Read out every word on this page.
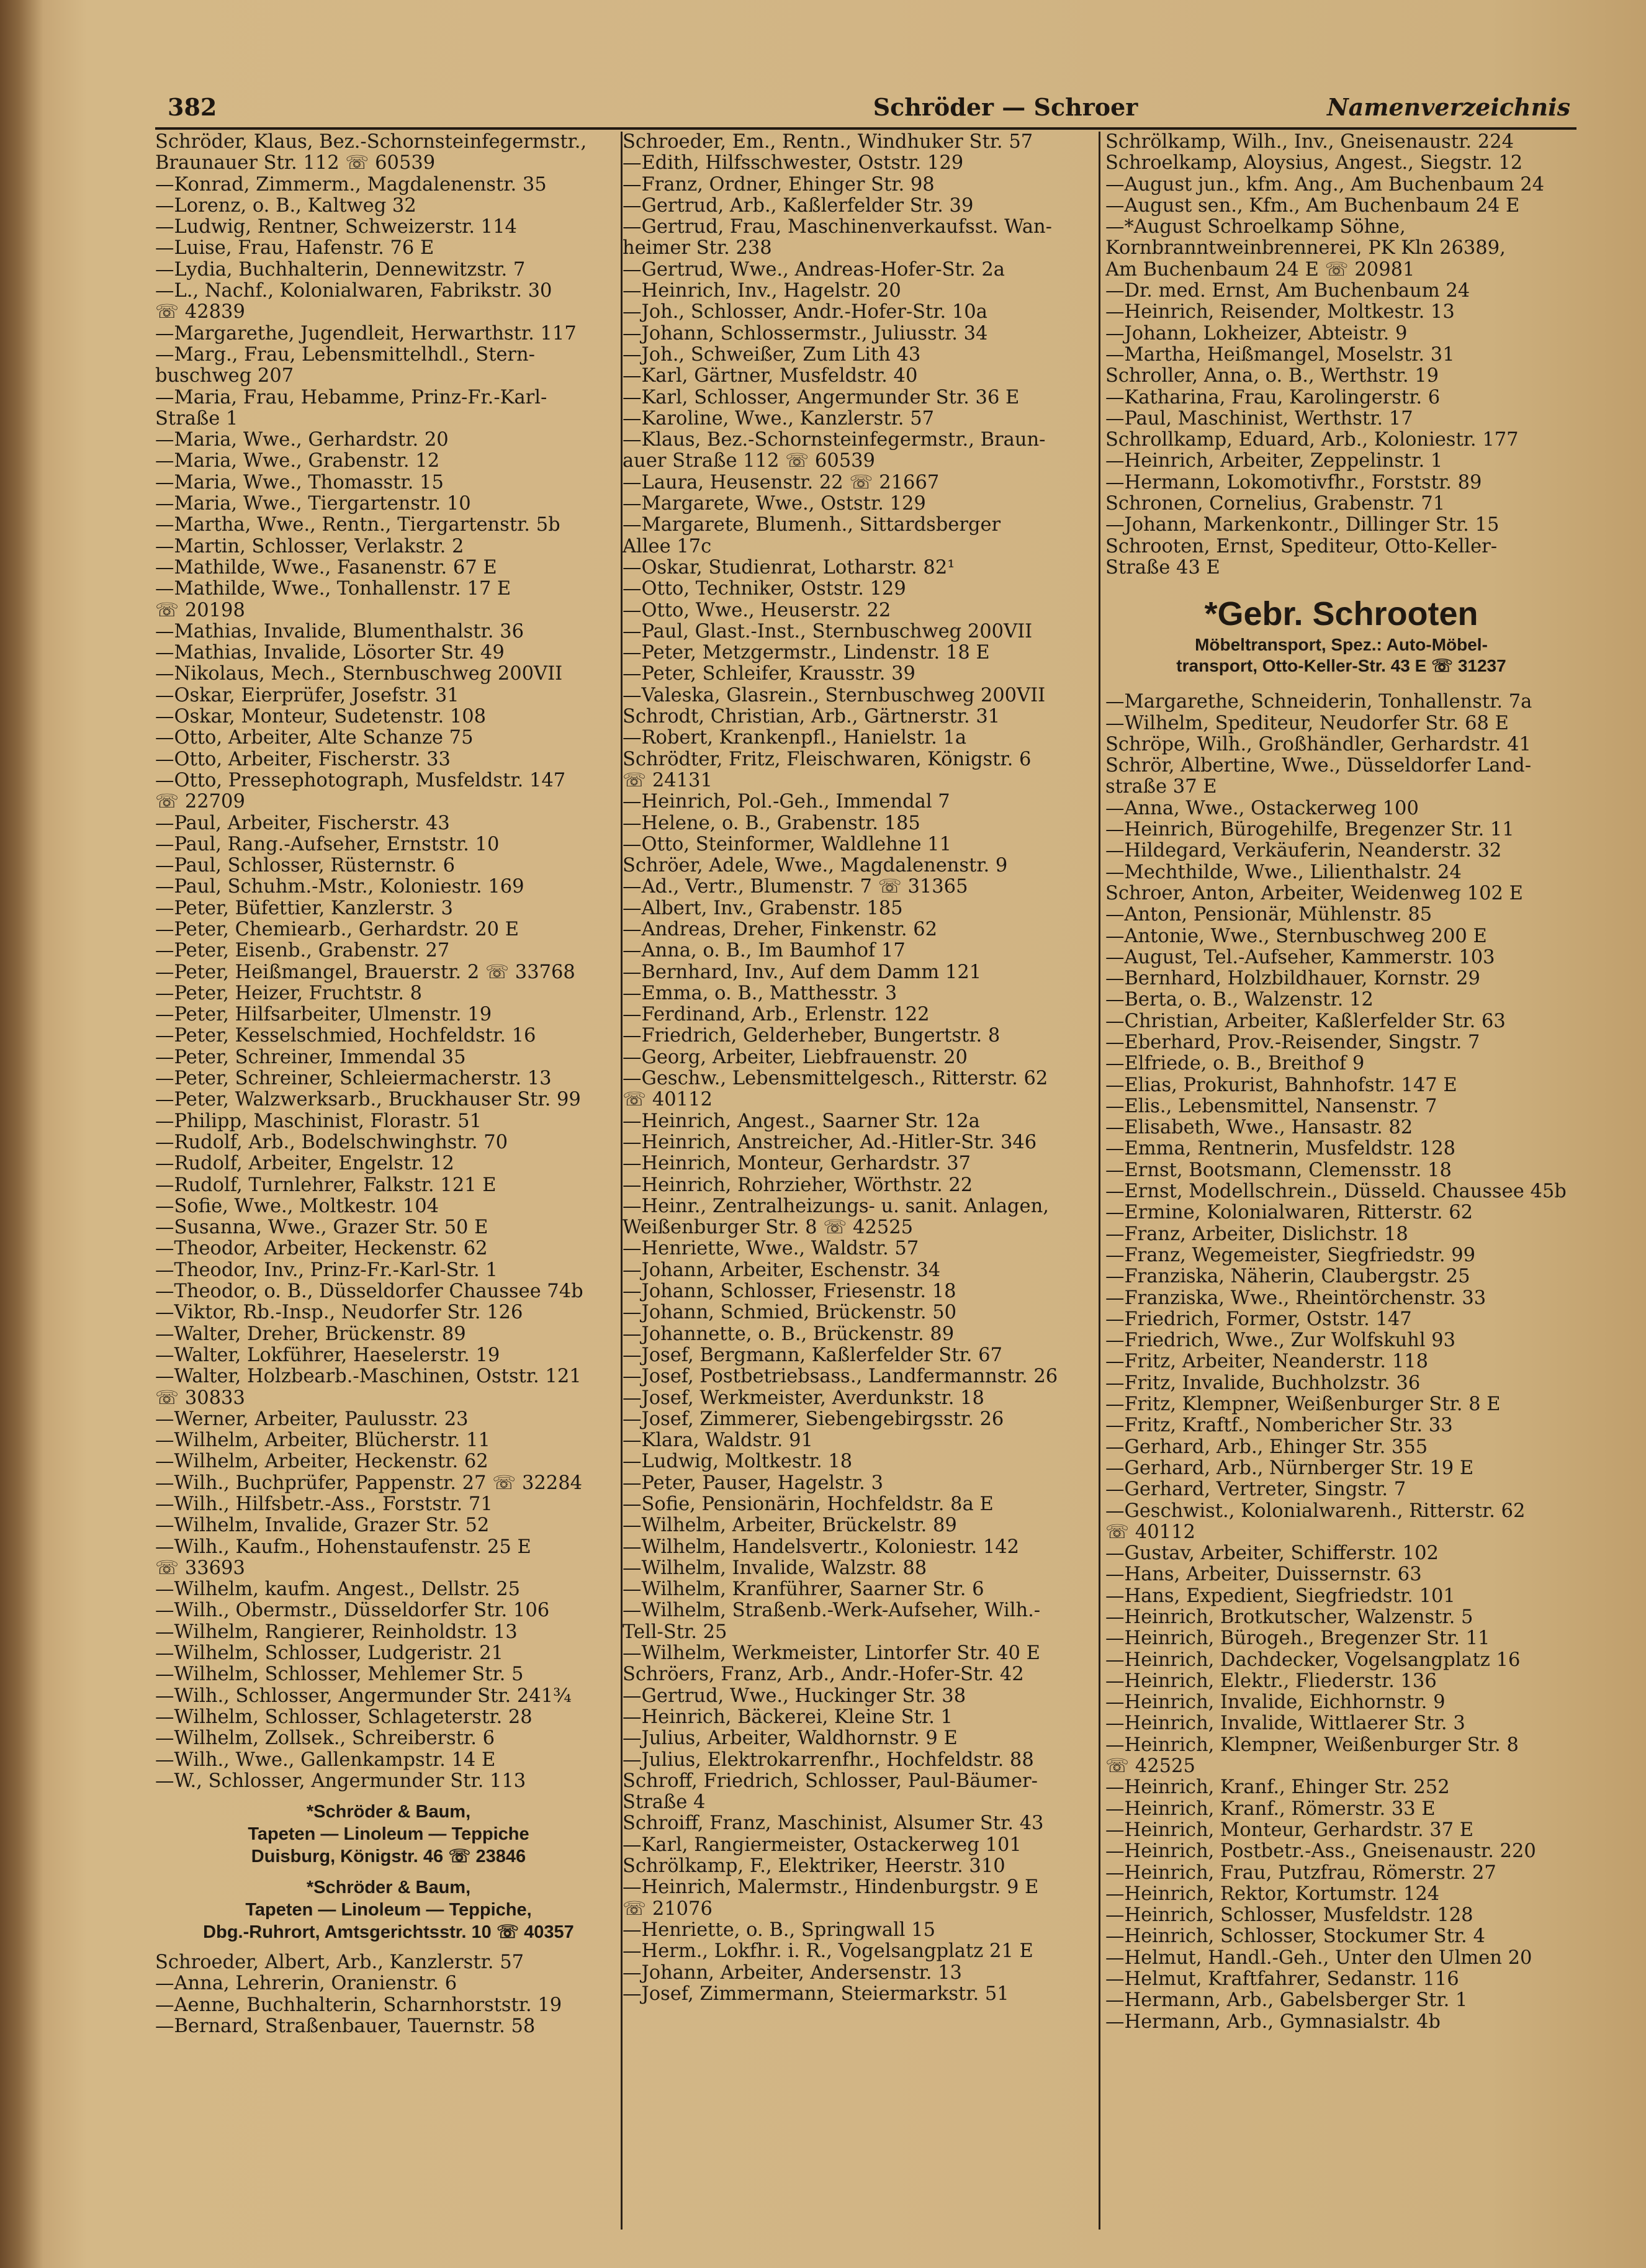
382	Schröder — Schroer	Namenverzeichnis
Schröder, Klaus, Bez.-Schornsteinfegermstr.,
Braunauer Str. 112 ☏ 60539
—Konrad, Zimmerm., Magdalenenstr. 35
—Lorenz, o. B., Kaltweg 32
—Ludwig, Rentner, Schweizerstr. 114
—Luise, Frau, Hafenstr. 76 E
—Lydia, Buchhalterin, Dennewitzstr. 7
—L., Nachf., Kolonialwaren, Fabrikstr. 30
☏ 42839
—Margarethe, Jugendleit, Herwarthstr. 117
—Marg., Frau, Lebensmittelhdl., Stern-
buschweg 207
—Maria, Frau, Hebamme, Prinz-Fr.-Karl-
Straße 1
—Maria, Wwe., Gerhardstr. 20
—Maria, Wwe., Grabenstr. 12
—Maria, Wwe., Thomasstr. 15
—Maria, Wwe., Tiergartenstr. 10
—Martha, Wwe., Rentn., Tiergartenstr. 5b
—Martin, Schlosser, Verlakstr. 2
—Mathilde, Wwe., Fasanenstr. 67 E
—Mathilde, Wwe., Tonhallenstr. 17 E
☏ 20198
—Mathias, Invalide, Blumenthalstr. 36
—Mathias, Invalide, Lösorter Str. 49
—Nikolaus, Mech., Sternbuschweg 200VII
—Oskar, Eierprüfer, Josefstr. 31
—Oskar, Monteur, Sudetenstr. 108
—Otto, Arbeiter, Alte Schanze 75
—Otto, Arbeiter, Fischerstr. 33
—Otto, Pressephotograph, Musfeldstr. 147
☏ 22709
—Paul, Arbeiter, Fischerstr. 43
—Paul, Rang.-Aufseher, Ernststr. 10
—Paul, Schlosser, Rüsternstr. 6
—Paul, Schuhm.-Mstr., Koloniestr. 169
—Peter, Büfettier, Kanzlerstr. 3
—Peter, Chemiearb., Gerhardstr. 20 E
—Peter, Eisenb., Grabenstr. 27
—Peter, Heißmangel, Brauerstr. 2 ☏ 33768
—Peter, Heizer, Fruchtstr. 8
—Peter, Hilfsarbeiter, Ulmenstr. 19
—Peter, Kesselschmied, Hochfeldstr. 16
—Peter, Schreiner, Immendal 35
—Peter, Schreiner, Schleiermacherstr. 13
—Peter, Walzwerksarb., Bruckhauser Str. 99
—Philipp, Maschinist, Florastr. 51
—Rudolf, Arb., Bodelschwinghstr. 70
—Rudolf, Arbeiter, Engelstr. 12
—Rudolf, Turnlehrer, Falkstr. 121 E
—Sofie, Wwe., Moltkestr. 104
—Susanna, Wwe., Grazer Str. 50 E
—Theodor, Arbeiter, Heckenstr. 62
—Theodor, Inv., Prinz-Fr.-Karl-Str. 1
—Theodor, o. B., Düsseldorfer Chaussee 74b
—Viktor, Rb.-Insp., Neudorfer Str. 126
—Walter, Dreher, Brückenstr. 89
—Walter, Lokführer, Haeselerstr. 19
—Walter, Holzbearb.-Maschinen, Oststr. 121
☏ 30833
—Werner, Arbeiter, Paulusstr. 23
—Wilhelm, Arbeiter, Blücherstr. 11
—Wilhelm, Arbeiter, Heckenstr. 62
—Wilh., Buchprüfer, Pappenstr. 27 ☏ 32284
—Wilh., Hilfsbetr.-Ass., Forststr. 71
—Wilhelm, Invalide, Grazer Str. 52
—Wilh., Kaufm., Hohenstaufenstr. 25 E
☏ 33693
—Wilhelm, kaufm. Angest., Dellstr. 25
—Wilh., Obermstr., Düsseldorfer Str. 106
—Wilhelm, Rangierer, Reinholdstr. 13
—Wilhelm, Schlosser, Ludgeristr. 21
—Wilhelm, Schlosser, Mehlemer Str. 5
—Wilh., Schlosser, Angermunder Str. 241¾
—Wilhelm, Schlosser, Schlageterstr. 28
—Wilhelm, Zollsek., Schreiberstr. 6
—Wilh., Wwe., Gallenkampstr. 14 E
—W., Schlosser, Angermunder Str. 113
*Schröder & Baum,
Tapeten — Linoleum — Teppiche
Duisburg, Königstr. 46 ☏ 23846
*Schröder & Baum,
Tapeten — Linoleum — Teppiche,
Dbg.-Ruhrort, Amtsgerichtsstr. 10 ☏ 40357
Schroeder, Albert, Arb., Kanzlerstr. 57
—Anna, Lehrerin, Oranienstr. 6
—Aenne, Buchhalterin, Scharnhorststr. 19
—Bernard, Straßenbauer, Tauernstr. 58
Schroeder, Em., Rentn., Windhuker Str. 57
—Edith, Hilfsschwester, Oststr. 129
—Franz, Ordner, Ehinger Str. 98
—Gertrud, Arb., Kaßlerfelder Str. 39
—Gertrud, Frau, Maschinenverkaufsst. Wan-
heimer Str. 238
—Gertrud, Wwe., Andreas-Hofer-Str. 2a
—Heinrich, Inv., Hagelstr. 20
—Joh., Schlosser, Andr.-Hofer-Str. 10a
—Johann, Schlossermstr., Juliusstr. 34
—Joh., Schweißer, Zum Lith 43
—Karl, Gärtner, Musfeldstr. 40
—Karl, Schlosser, Angermunder Str. 36 E
—Karoline, Wwe., Kanzlerstr. 57
—Klaus, Bez.-Schornsteinfegermstr., Braun-
auer Straße 112 ☏ 60539
—Laura, Heusenstr. 22 ☏ 21667
—Margarete, Wwe., Oststr. 129
—Margarete, Blumenh., Sittardsberger
Allee 17c
—Oskar, Studienrat, Lotharstr. 82¹
—Otto, Techniker, Oststr. 129
—Otto, Wwe., Heuserstr. 22
—Paul, Glast.-Inst., Sternbuschweg 200VII
—Peter, Metzgermstr., Lindenstr. 18 E
—Peter, Schleifer, Krausstr. 39
—Valeska, Glasrein., Sternbuschweg 200VII
Schrodt, Christian, Arb., Gärtnerstr. 31
—Robert, Krankenpfl., Hanielstr. 1a
Schrödter, Fritz, Fleischwaren, Königstr. 6
☏ 24131
—Heinrich, Pol.-Geh., Immendal 7
—Helene, o. B., Grabenstr. 185
—Otto, Steinformer, Waldlehne 11
Schröer, Adele, Wwe., Magdalenenstr. 9
—Ad., Vertr., Blumenstr. 7 ☏ 31365
—Albert, Inv., Grabenstr. 185
—Andreas, Dreher, Finkenstr. 62
—Anna, o. B., Im Baumhof 17
—Bernhard, Inv., Auf dem Damm 121
—Emma, o. B., Matthesstr. 3
—Ferdinand, Arb., Erlenstr. 122
—Friedrich, Gelderheber, Bungertstr. 8
—Georg, Arbeiter, Liebfrauenstr. 20
—Geschw., Lebensmittelgesch., Ritterstr. 62
☏ 40112
—Heinrich, Angest., Saarner Str. 12a
—Heinrich, Anstreicher, Ad.-Hitler-Str. 346
—Heinrich, Monteur, Gerhardstr. 37
—Heinrich, Rohrzieher, Wörthstr. 22
—Heinr., Zentralheizungs- u. sanit. Anlagen,
Weißenburger Str. 8 ☏ 42525
—Henriette, Wwe., Waldstr. 57
—Johann, Arbeiter, Eschenstr. 34
—Johann, Schlosser, Friesenstr. 18
—Johann, Schmied, Brückenstr. 50
—Johannette, o. B., Brückenstr. 89
—Josef, Bergmann, Kaßlerfelder Str. 67
—Josef, Postbetriebsass., Landfermannstr. 26
—Josef, Werkmeister, Averdunkstr. 18
—Josef, Zimmerer, Siebengebirgsstr. 26
—Klara, Waldstr. 91
—Ludwig, Moltkestr. 18
—Peter, Pauser, Hagelstr. 3
—Sofie, Pensionärin, Hochfeldstr. 8a E
—Wilhelm, Arbeiter, Brückelstr. 89
—Wilhelm, Handelsvertr., Koloniestr. 142
—Wilhelm, Invalide, Walzstr. 88
—Wilhelm, Kranführer, Saarner Str. 6
—Wilhelm, Straßenb.-Werk-Aufseher, Wilh.-
Tell-Str. 25
—Wilhelm, Werkmeister, Lintorfer Str. 40 E
Schröers, Franz, Arb., Andr.-Hofer-Str. 42
—Gertrud, Wwe., Huckinger Str. 38
—Heinrich, Bäckerei, Kleine Str. 1
—Julius, Arbeiter, Waldhornstr. 9 E
—Julius, Elektrokarrenfhr., Hochfeldstr. 88
Schroff, Friedrich, Schlosser, Paul-Bäumer-
Straße 4
Schroiff, Franz, Maschinist, Alsumer Str. 43
—Karl, Rangiermeister, Ostackerweg 101
Schrölkamp, F., Elektriker, Heerstr. 310
—Heinrich, Malermstr., Hindenburgstr. 9 E
☏ 21076
—Henriette, o. B., Springwall 15
—Herm., Lokfhr. i. R., Vogelsangplatz 21 E
—Johann, Arbeiter, Andersenstr. 13
—Josef, Zimmermann, Steiermarkstr. 51
Schrölkamp, Wilh., Inv., Gneisenaustr. 224
Schroelkamp, Aloysius, Angest., Siegstr. 12
—August jun., kfm. Ang., Am Buchenbaum 24
—August sen., Kfm., Am Buchenbaum 24 E
—*August Schroelkamp Söhne,
Kornbranntweinbrennerei, PK Kln 26389,
Am Buchenbaum 24 E ☏ 20981
—Dr. med. Ernst, Am Buchenbaum 24
—Heinrich, Reisender, Moltkestr. 13
—Johann, Lokheizer, Abteistr. 9
—Martha, Heißmangel, Moselstr. 31
Schroller, Anna, o. B., Werthstr. 19
—Katharina, Frau, Karolingerstr. 6
—Paul, Maschinist, Werthstr. 17
Schrollkamp, Eduard, Arb., Koloniestr. 177
—Heinrich, Arbeiter, Zeppelinstr. 1
—Hermann, Lokomotivfhr., Forststr. 89
Schronen, Cornelius, Grabenstr. 71
—Johann, Markenkontr., Dillinger Str. 15
Schrooten, Ernst, Spediteur, Otto-Keller-
Straße 43 E
*Gebr. Schrooten
Möbeltransport, Spez.: Auto-Möbel-
transport, Otto-Keller-Str. 43 E ☏ 31237
—Margarethe, Schneiderin, Tonhallenstr. 7a
—Wilhelm, Spediteur, Neudorfer Str. 68 E
Schröpe, Wilh., Großhändler, Gerhardstr. 41
Schrör, Albertine, Wwe., Düsseldorfer Land-
straße 37 E
—Anna, Wwe., Ostackerweg 100
—Heinrich, Bürogehilfe, Bregenzer Str. 11
—Hildegard, Verkäuferin, Neanderstr. 32
—Mechthilde, Wwe., Lilienthalstr. 24
Schroer, Anton, Arbeiter, Weidenweg 102 E
—Anton, Pensionär, Mühlenstr. 85
—Antonie, Wwe., Sternbuschweg 200 E
—August, Tel.-Aufseher, Kammerstr. 103
—Bernhard, Holzbildhauer, Kornstr. 29
—Berta, o. B., Walzenstr. 12
—Christian, Arbeiter, Kaßlerfelder Str. 63
—Eberhard, Prov.-Reisender, Singstr. 7
—Elfriede, o. B., Breithof 9
—Elias, Prokurist, Bahnhofstr. 147 E
—Elis., Lebensmittel, Nansenstr. 7
—Elisabeth, Wwe., Hansastr. 82
—Emma, Rentnerin, Musfeldstr. 128
—Ernst, Bootsmann, Clemensstr. 18
—Ernst, Modellschrein., Düsseld. Chaussee 45b
—Ermine, Kolonialwaren, Ritterstr. 62
—Franz, Arbeiter, Dislichstr. 18
—Franz, Wegemeister, Siegfriedstr. 99
—Franziska, Näherin, Claubergstr. 25
—Franziska, Wwe., Rheintörchenstr. 33
—Friedrich, Former, Oststr. 147
—Friedrich, Wwe., Zur Wolfskuhl 93
—Fritz, Arbeiter, Neanderstr. 118
—Fritz, Invalide, Buchholzstr. 36
—Fritz, Klempner, Weißenburger Str. 8 E
—Fritz, Kraftf., Nombericher Str. 33
—Gerhard, Arb., Ehinger Str. 355
—Gerhard, Arb., Nürnberger Str. 19 E
—Gerhard, Vertreter, Singstr. 7
—Geschwist., Kolonialwarenh., Ritterstr. 62
☏ 40112
—Gustav, Arbeiter, Schifferstr. 102
—Hans, Arbeiter, Duissernstr. 63
—Hans, Expedient, Siegfriedstr. 101
—Heinrich, Brotkutscher, Walzenstr. 5
—Heinrich, Bürogeh., Bregenzer Str. 11
—Heinrich, Dachdecker, Vogelsangplatz 16
—Heinrich, Elektr., Fliederstr. 136
—Heinrich, Invalide, Eichhornstr. 9
—Heinrich, Invalide, Wittlaerer Str. 3
—Heinrich, Klempner, Weißenburger Str. 8
☏ 42525
—Heinrich, Kranf., Ehinger Str. 252
—Heinrich, Kranf., Römerstr. 33 E
—Heinrich, Monteur, Gerhardstr. 37 E
—Heinrich, Postbetr.-Ass., Gneisenaustr. 220
—Heinrich, Frau, Putzfrau, Römerstr. 27
—Heinrich, Rektor, Kortumstr. 124
—Heinrich, Schlosser, Musfeldstr. 128
—Heinrich, Schlosser, Stockumer Str. 4
—Helmut, Handl.-Geh., Unter den Ulmen 20
—Helmut, Kraftfahrer, Sedanstr. 116
—Hermann, Arb., Gabelsberger Str. 1
—Hermann, Arb., Gymnasialstr. 4b
